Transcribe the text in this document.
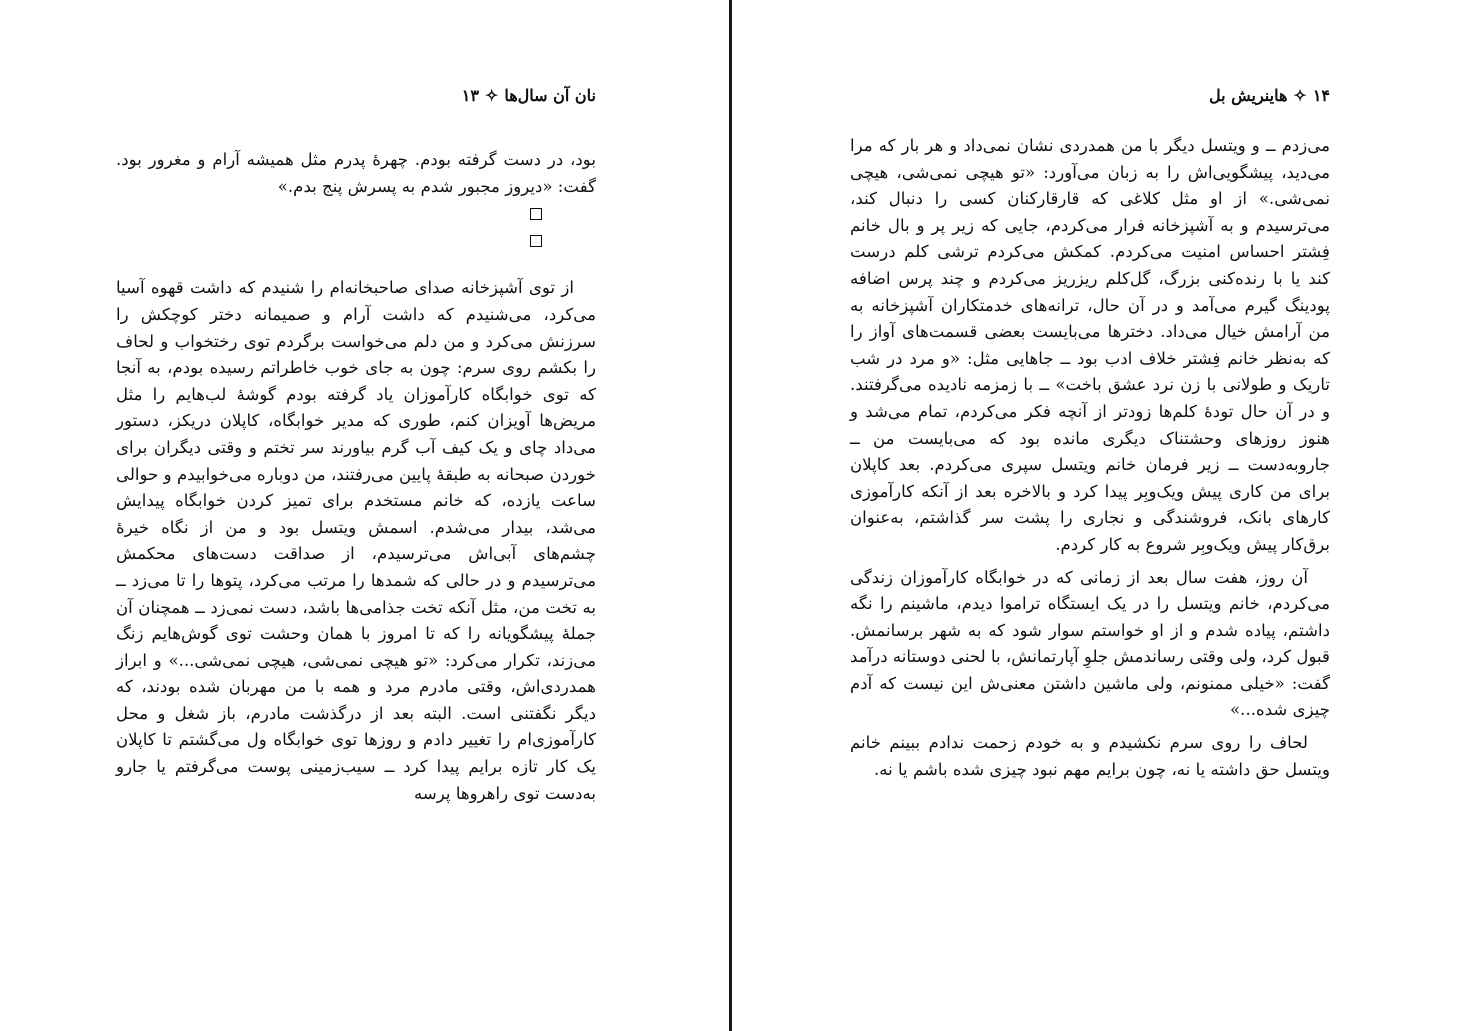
نان آن سال‌ها✧۱۳

بود، در دست گرفته بودم. چهرهٔ پدرم مثل همیشه آرام و مغرور بود. گفت: «دیروز مجبور شدم به پسرش پنج بدم.»

از توی آشپزخانه صدای صاحبخانه‌ام را شنیدم که داشت قهوه آسیا می‌کرد، می‌شنیدم که داشت آرام و صمیمانه دختر کوچکش را سرزنش می‌کرد و من دلم می‌خواست برگردم توی رختخواب و لحاف را بکشم روی سرم: چون به جای خوب خاطراتم رسیده بودم، به آنجا که توی خوابگاه کارآموزان یاد گرفته بودم گوشهٔ لب‌هایم را مثل مریض‌ها آویزان کنم، طوری که مدیر خوابگاه، کاپلان دریکز، دستور می‌داد چای و یک کیف آب گرم بیاورند سر تختم و وقتی دیگران برای خوردن صبحانه به طبقهٔ پایین می‌رفتند، من دوباره می‌خوابیدم و حوالی ساعت یازده، که خانم مستخدم برای تمیز کردن خوابگاه پیدایش می‌شد، بیدار می‌شدم. اسمش ویتسل بود و من از نگاه خیرهٔ چشم‌های آبی‌اش می‌ترسیدم، از صداقت دست‌های محکمش می‌ترسیدم و در حالی که شمدها را مرتب می‌کرد، پتوها را تا می‌زد ــ به تخت من، مثل آنکه تخت جذامی‌ها باشد، دست نمی‌زد ــ همچنان آن جملهٔ پیشگویانه را که تا امروز با همان وحشت توی گوش‌هایم زنگ می‌زند، تکرار می‌کرد: «تو هیچی نمی‌شی، هیچی نمی‌شی...» و ابراز همدردی‌اش، وقتی مادرم مرد و همه با من مهربان شده بودند، که دیگر نگفتنی است. البته بعد از درگذشت مادرم، باز شغل و محل کارآموزی‌ام را تغییر دادم و روزها توی خوابگاه ول می‌گشتم تا کاپلان یک کار تازه برایم پیدا کرد ــ سیب‌زمینی پوست می‌گرفتم یا جارو به‌دست توی راهروها پرسه

۱۴✧هاینریش بل

می‌زدم ــ و ویتسل دیگر با من همدردی نشان نمی‌داد و هر بار که مرا می‌دید، پیشگویی‌اش را به زبان می‌آورد: «تو هیچی نمی‌شی، هیچی نمی‌شی.» از او مثل کلاغی که قارقارکنان کسی را دنبال کند، می‌ترسیدم و به آشپزخانه فرار می‌کردم، جایی که زیر پر و بال خانم فِشتر احساس امنیت می‌کردم. کمکش می‌کردم ترشی کلم درست کند یا با رنده‌کنی بزرگ، گل‌کلم ریزریز می‌کردم و چند پرس اضافه پودینگ گیرم می‌آمد و در آن حال، ترانه‌های خدمتکاران آشپزخانه به من آرامش خیال می‌داد. دخترها می‌بایست بعضی قسمت‌های آواز را که به‌نظر خانم فِشتر خلاف ادب بود ــ جاهایی مثل: «و مرد در شب تاریک و طولانی با زن نرد عشق باخت» ــ با زمزمه نادیده می‌گرفتند. و در آن حال تودهٔ کلم‌ها زودتر از آنچه فکر می‌کردم، تمام می‌شد و هنوز روزهای وحشتناک دیگری مانده بود که می‌بایست من ــ جاروبه‌دست ــ زیر فرمان خانم ویتسل سپری می‌کردم. بعد کاپلان برای من کاری پیش ویک‌وبِر پیدا کرد و بالاخره بعد از آنکه کارآموزی کارهای بانک، فروشندگی و نجاری را پشت سر گذاشتم، به‌عنوان برق‌کار پیش ویک‌وبِر شروع به کار کردم.

آن روز، هفت سال بعد از زمانی که در خوابگاه کارآموزان زندگی می‌کردم، خانم ویتسل را در یک ایستگاه تراموا دیدم، ماشینم را نگه داشتم، پیاده شدم و از او خواستم سوار شود که به شهر برسانمش. قبول کرد، ولی وقتی رساندمش جلوِ آپارتمانش، با لحنی دوستانه درآمد گفت: «خیلی ممنونم، ولی ماشین داشتن معنی‌ش این نیست که آدم چیزی شده...»

لحاف را روی سرم نکشیدم و به خودم زحمت ندادم ببینم خانم ویتسل حق داشته یا نه، چون برایم مهم نبود چیزی شده باشم یا نه.
